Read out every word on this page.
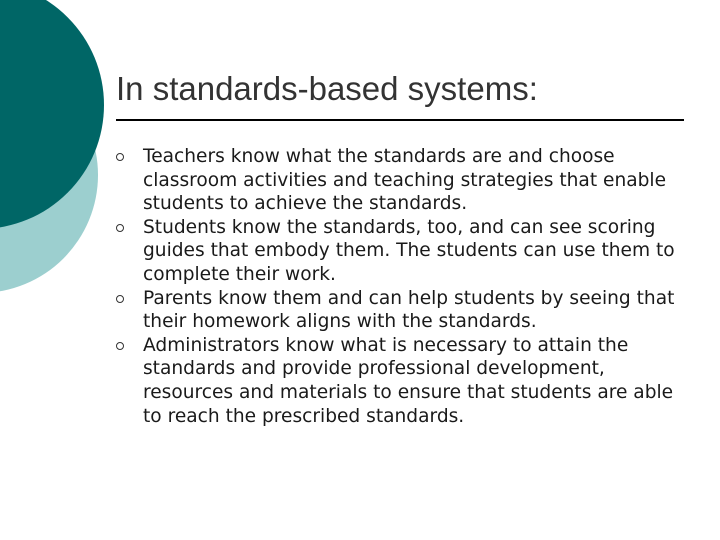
In standards-based systems:
Teachers know what the standards are and choose classroom activities and teaching strategies that enable students to achieve the standards.
Students know the standards, too, and can see scoring guides that embody them. The students can use them to complete their work.
Parents know them and can help students by seeing that their homework aligns with the standards.
Administrators know what is necessary to attain the standards and provide professional development, resources and materials to ensure that students are able to reach the prescribed standards.
